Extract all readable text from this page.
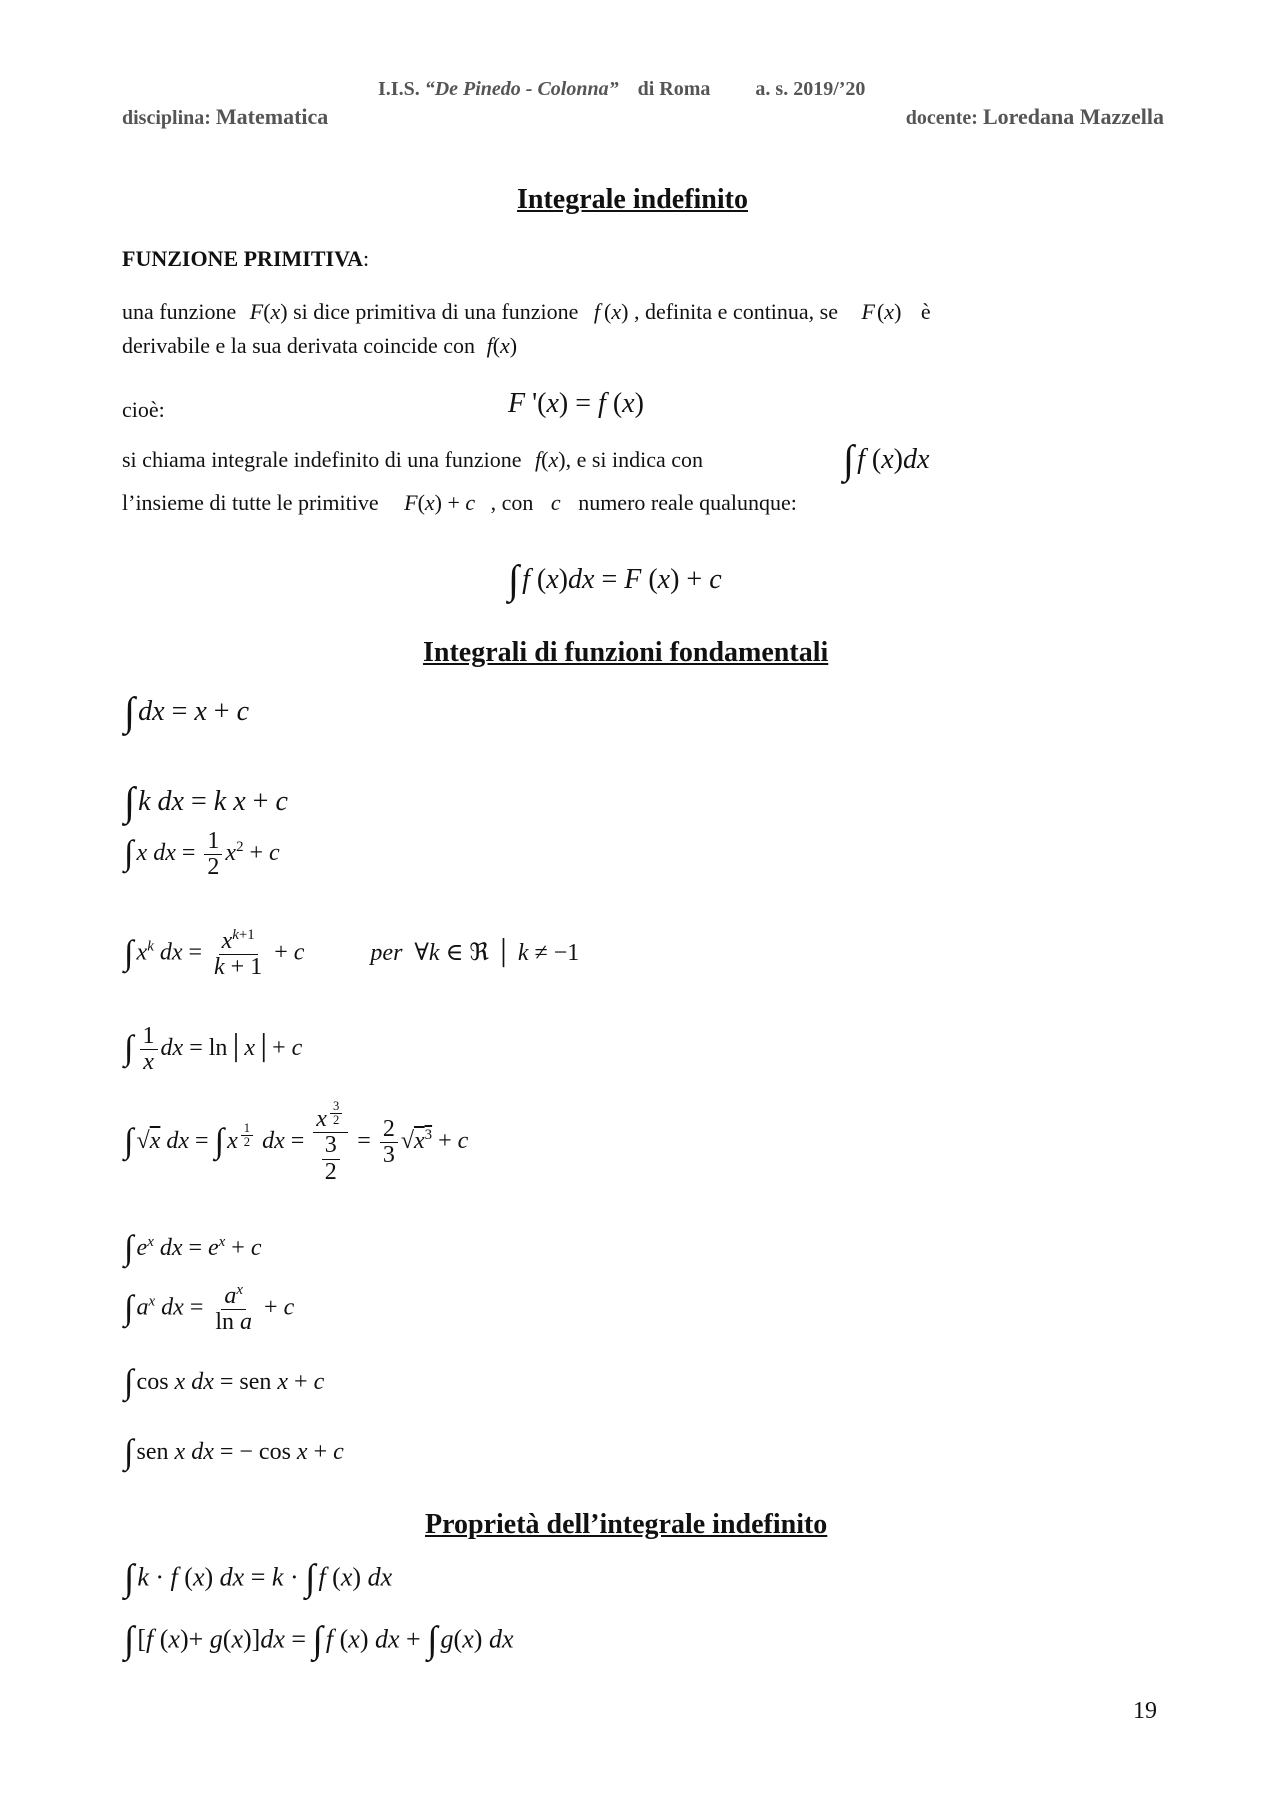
I.I.S. “De Pinedo - Colonna” di Roma a. s. 2019/’20
disciplina: Matematica	docente: Loredana Mazzella
Integrale indefinito
FUNZIONE PRIMITIVA:
una funzione F(x) si dice primitiva di una funzione f (x) , definita e continua, se F(x) è
derivabile e la sua derivata coincide con f(x)
cioè:	F '(x) = f (x)
si chiama integrale indefinito di una funzione f(x), e si indica con	∫ f (x)dx
l’insieme di tutte le primitive F(x) + c , con c numero reale qualunque:
∫ f (x)dx = F (x) + c
Integrali di funzioni fondamentali
∫ dx = x + c
∫ k dx = k x + c
∫ x dx = $\frac{1}{2} x^2 + c$
∫ $x^k$ dx = $\frac{x^{k+1}}{k + 1} + c$	per  ∀k ∈ ℜ │ k ≠ −1
∫ $\frac{1}{x}$ dx = ln│x│+ c
∫ √x dx = ∫ x $^{\frac{1}{2}}$ dx = x $^{\frac{3}{2}}$
$\frac{3}{2} = \frac{2}{3} √x^3 + c$
∫ $e^x$ dx = $e^x + c$
∫ $a^x$ dx = $\frac{a^x}{\text{ln a}} + c$
∫ cos x dx = sen x + c
∫ sen x dx = − cos x + c
Proprietà dell’integrale indefinito
∫ k · f (x) dx = k · ∫ f (x) dx
∫ [f (x)+ g(x)]dx = ∫ f (x) dx + ∫ g(x) dx
19
